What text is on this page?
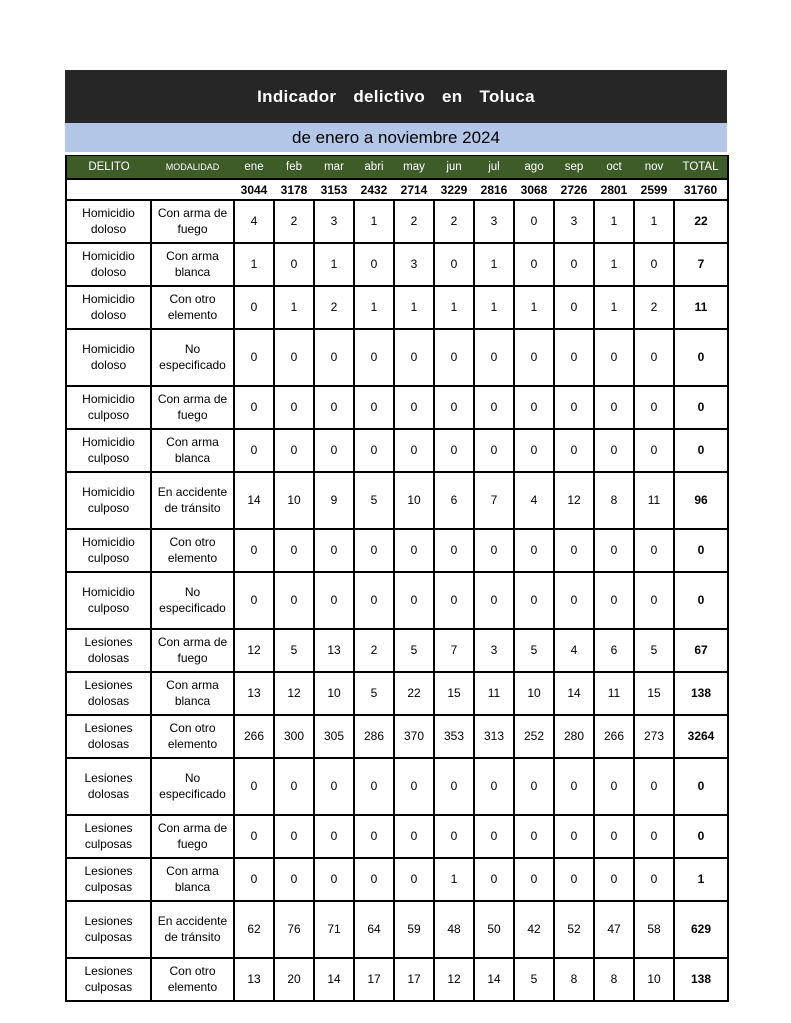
Indicador delictivo en Toluca
de enero a noviembre 2024
DELITO	MODALIDAD	ene	feb	mar	abri	may	jun	jul	ago	sep	oct	nov	TOTAL
		3044	3178	3153	2432	2714	3229	2816	3068	2726	2801	2599	31760
Homicidio doloso	Con arma de fuego	4	2	3	1	2	2	3	0	3	1	1	22
Homicidio doloso	Con arma blanca	1	0	1	0	3	0	1	0	0	1	0	7
Homicidio doloso	Con otro elemento	0	1	2	1	1	1	1	1	0	1	2	11
Homicidio doloso	No especificado	0	0	0	0	0	0	0	0	0	0	0	0
Homicidio culposo	Con arma de fuego	0	0	0	0	0	0	0	0	0	0	0	0
Homicidio culposo	Con arma blanca	0	0	0	0	0	0	0	0	0	0	0	0
Homicidio culposo	En accidente de tránsito	14	10	9	5	10	6	7	4	12	8	11	96
Homicidio culposo	Con otro elemento	0	0	0	0	0	0	0	0	0	0	0	0
Homicidio culposo	No especificado	0	0	0	0	0	0	0	0	0	0	0	0
Lesiones dolosas	Con arma de fuego	12	5	13	2	5	7	3	5	4	6	5	67
Lesiones dolosas	Con arma blanca	13	12	10	5	22	15	11	10	14	11	15	138
Lesiones dolosas	Con otro elemento	266	300	305	286	370	353	313	252	280	266	273	3264
Lesiones dolosas	No especificado	0	0	0	0	0	0	0	0	0	0	0	0
Lesiones culposas	Con arma de fuego	0	0	0	0	0	0	0	0	0	0	0	0
Lesiones culposas	Con arma blanca	0	0	0	0	0	1	0	0	0	0	0	1
Lesiones culposas	En accidente de tránsito	62	76	71	64	59	48	50	42	52	47	58	629
Lesiones culposas	Con otro elemento	13	20	14	17	17	12	14	5	8	8	10	138
